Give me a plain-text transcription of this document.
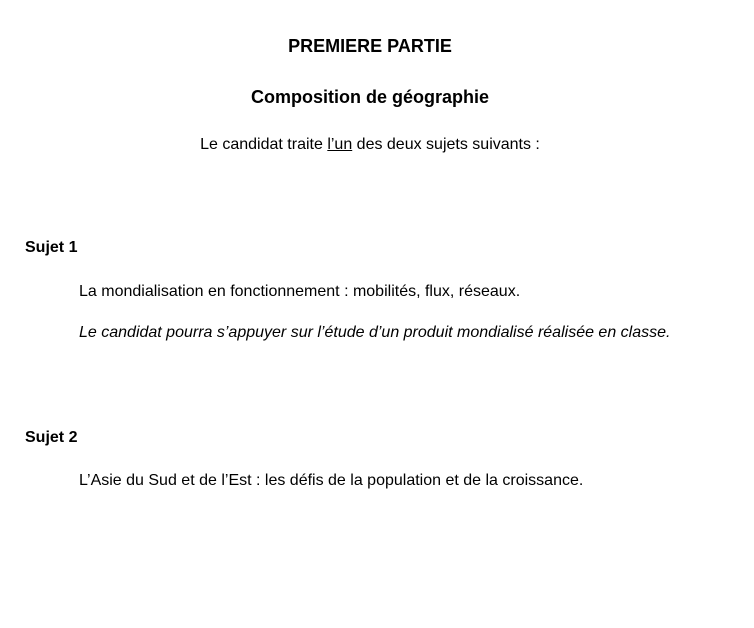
PREMIERE PARTIE
Composition de géographie
Le candidat traite l’un des deux sujets suivants :
Sujet 1
La mondialisation en fonctionnement : mobilités, flux, réseaux.
Le candidat pourra s’appuyer sur l’étude d’un produit mondialisé réalisée en classe.
Sujet 2
L’Asie du Sud et de l’Est : les défis de la population et de la croissance.
